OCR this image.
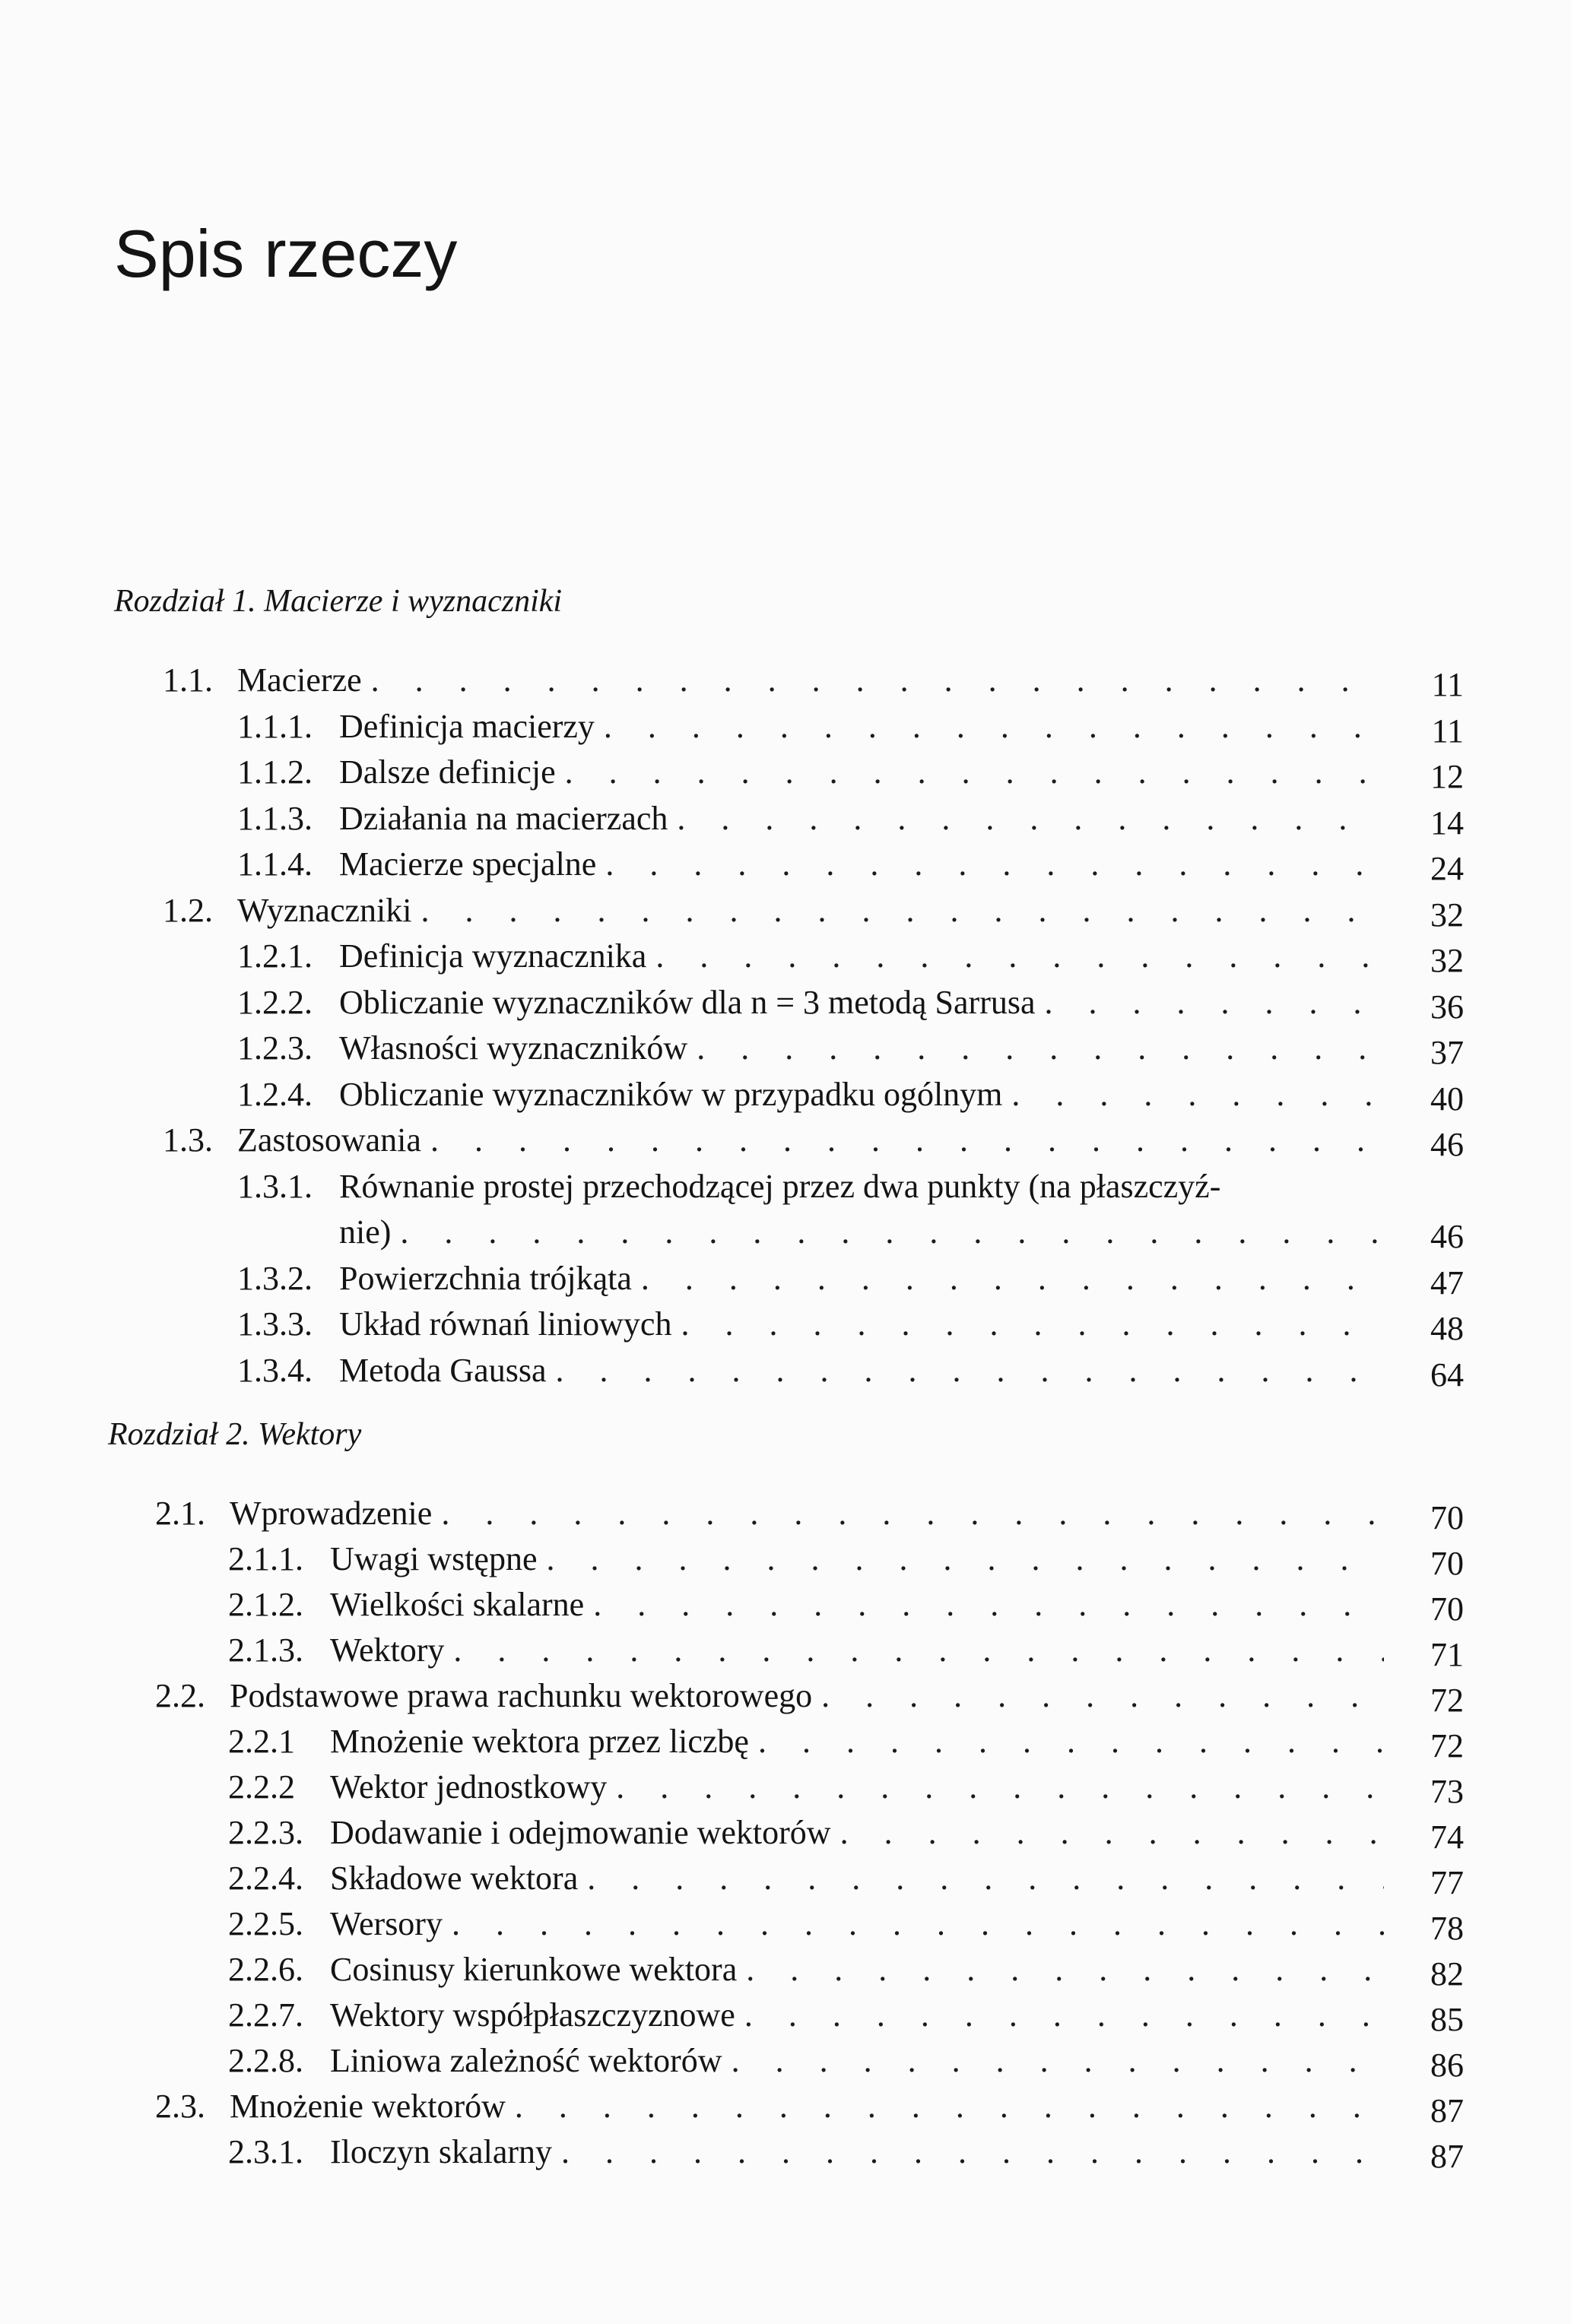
Spis rzeczy
Rozdział 1. Macierze i wyznaczniki
1.1. Macierze . . .	11
1.1.1. Definicja macierzy . . .	11
1.1.2. Dalsze definicje . . .	12
1.1.3. Działania na macierzach . . .	14
1.1.4. Macierze specjalne . . .	24
1.2. Wyznaczniki . . .	32
1.2.1. Definicja wyznacznika . . .	32
1.2.2. Obliczanie wyznaczników dla n = 3 metodą Sarrusa . . .	36
1.2.3. Własności wyznaczników . . .	37
1.2.4. Obliczanie wyznaczników w przypadku ogólnym . . .	40
1.3. Zastosowania . . .	46
1.3.1. Równanie prostej przechodzącej przez dwa punkty (na płaszczyź-
nie) . . .	46
1.3.2. Powierzchnia trójkąta . . .	47
1.3.3. Układ równań liniowych . . .	48
1.3.4. Metoda Gaussa . . .	64
Rozdział 2. Wektory
2.1. Wprowadzenie . . .	70
2.1.1. Uwagi wstępne . . .	70
2.1.2. Wielkości skalarne . . .	70
2.1.3. Wektory . . .	71
2.2. Podstawowe prawa rachunku wektorowego . . .	72
2.2.1	Mnożenie wektora przez liczbę . . .	72
2.2.2	Wektor jednostkowy . . .	73
2.2.3. Dodawanie i odejmowanie wektorów . . .	74
2.2.4. Składowe wektora . . .	77
2.2.5. Wersory . . .	78
2.2.6. Cosinusy kierunkowe wektora . . .	82
2.2.7. Wektory współpłaszczyznowe . . .	85
2.2.8. Liniowa zależność wektorów . . .	86
2.3. Mnożenie wektorów . . .	87
2.3.1. Iloczyn skalarny . . .	87
